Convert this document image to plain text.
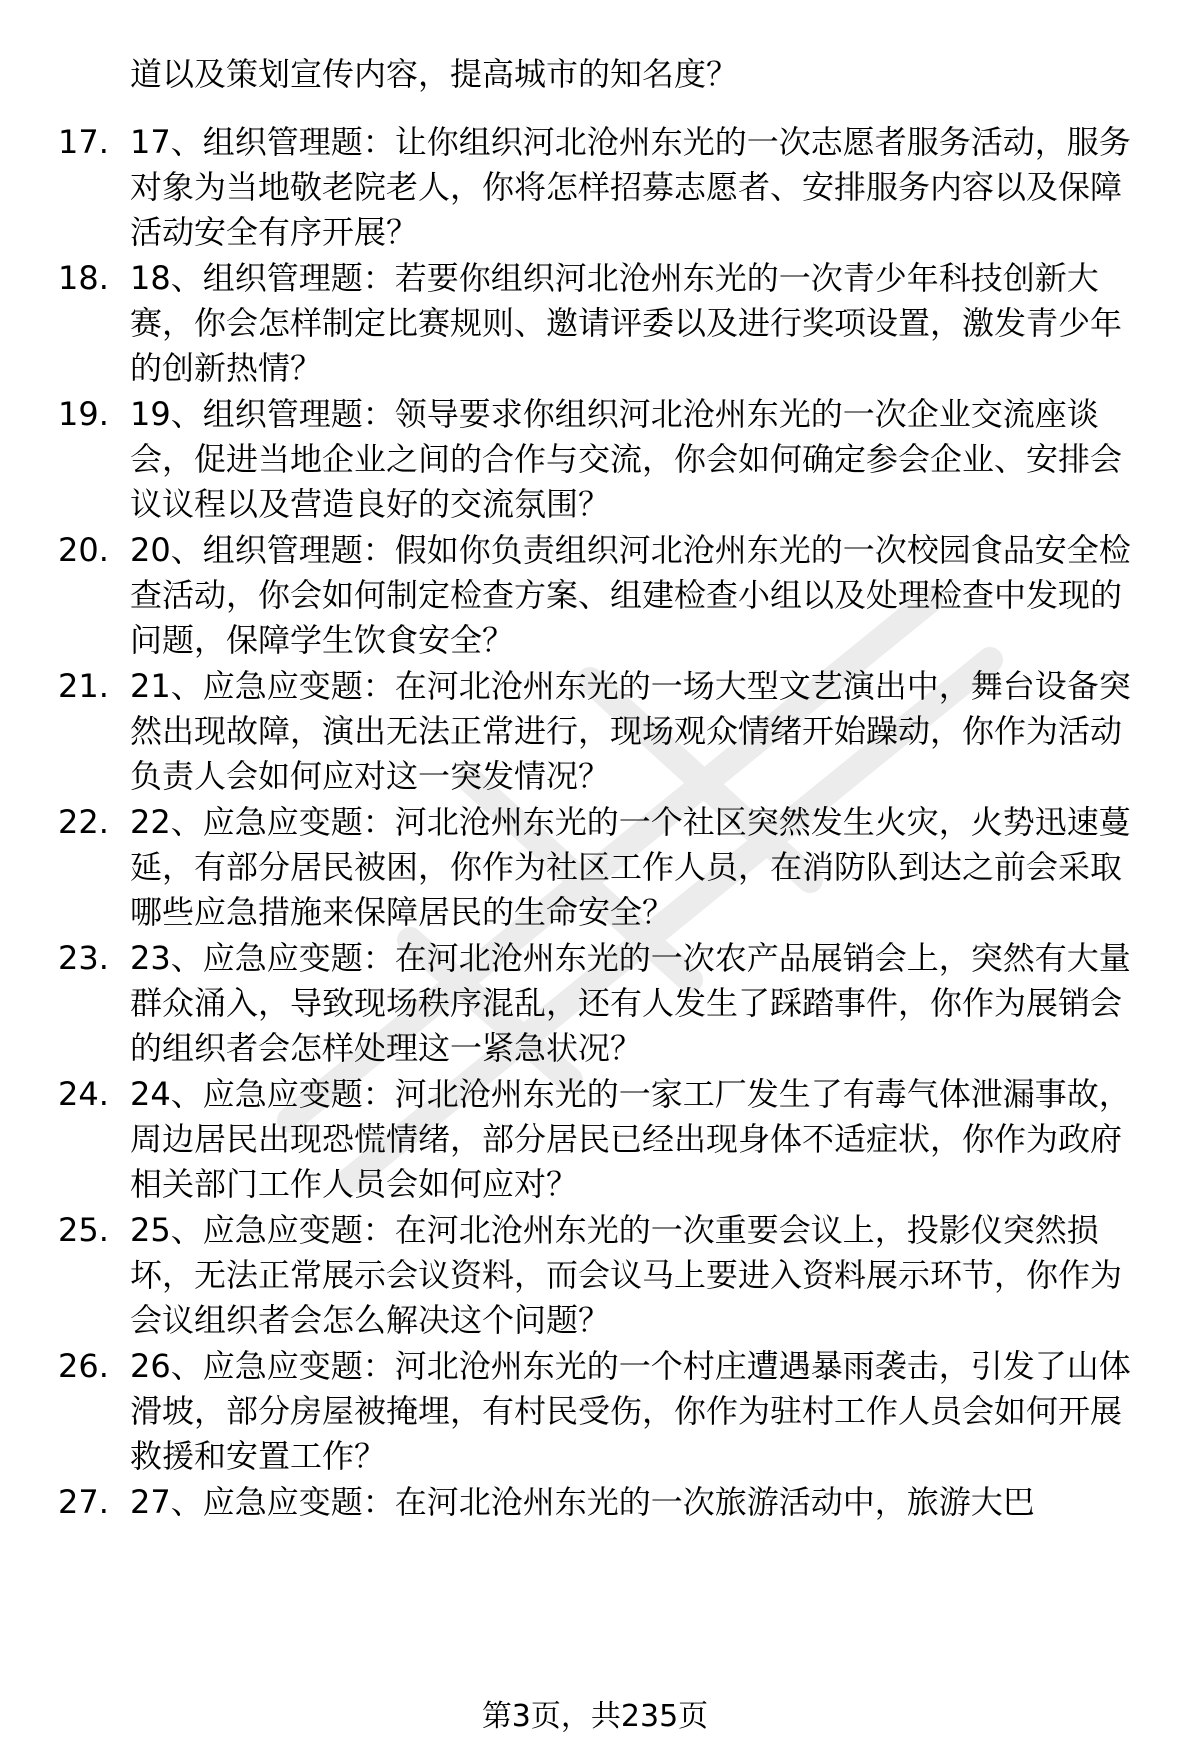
道以及策划宣传内容，提高城市的知名度？
17. 17、组织管理题：让你组织河北沧州东光的一次志愿者服务活动，服务对象为当地敬老院老人，你将怎样招募志愿者、安排服务内容以及保障活动安全有序开展？
18. 18、组织管理题：若要你组织河北沧州东光的一次青少年科技创新大赛，你会怎样制定比赛规则、邀请评委以及进行奖项设置，激发青少年的创新热情？
19. 19、组织管理题：领导要求你组织河北沧州东光的一次企业交流座谈会，促进当地企业之间的合作与交流，你会如何确定参会企业、安排会议议程以及营造良好的交流氛围？
20. 20、组织管理题：假如你负责组织河北沧州东光的一次校园食品安全检查活动，你会如何制定检查方案、组建检查小组以及处理检查中发现的问题，保障学生饮食安全？
21. 21、应急应变题：在河北沧州东光的一场大型文艺演出中，舞台设备突然出现故障，演出无法正常进行，现场观众情绪开始躁动，你作为活动负责人会如何应对这一突发情况？
22. 22、应急应变题：河北沧州东光的一个社区突然发生火灾，火势迅速蔓延，有部分居民被困，你作为社区工作人员，在消防队到达之前会采取哪些应急措施来保障居民的生命安全？
23. 23、应急应变题：在河北沧州东光的一次农产品展销会上，突然有大量群众涌入，导致现场秩序混乱，还有人发生了踩踏事件，你作为展销会的组织者会怎样处理这一紧急状况？
24. 24、应急应变题：河北沧州东光的一家工厂发生了有毒气体泄漏事故，周边居民出现恐慌情绪，部分居民已经出现身体不适症状，你作为政府相关部门工作人员会如何应对？
25. 25、应急应变题：在河北沧州东光的一次重要会议上，投影仪突然损坏，无法正常展示会议资料，而会议马上要进入资料展示环节，你作为会议组织者会怎么解决这个问题？
26. 26、应急应变题：河北沧州东光的一个村庄遭遇暴雨袭击，引发了山体滑坡，部分房屋被掩埋，有村民受伤，你作为驻村工作人员会如何开展救援和安置工作？
27. 27、应急应变题：在河北沧州东光的一次旅游活动中，旅游大巴
第3页，共235页
